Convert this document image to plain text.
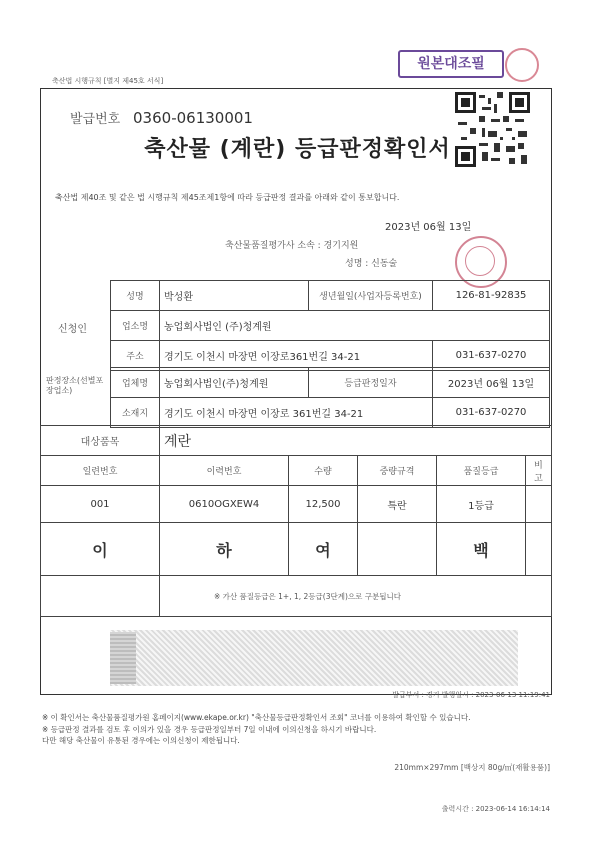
축산법 시행규칙 [별지 제45호 서식]
원본대조필
발급번호 0360-06130001
축산물 (계란) 등급판정확인서
축산법 제40조 및 같은 법 시행규칙 제45조제1항에 따라 등급판정 결과를 아래와 같이 통보합니다.
2023년 06월 13일
축산물품질평가사 소속 : 경기지원
성명 : 신동술
신청인
성명	박성환	생년월일(사업자등록번호)	126-81-92835
업소명	농업회사법인 (주)청계원		
주소	경기도 이천시 마장면 이장로361번길 34-21		031-637-0270
판정장소(선별포장업소)
업체명	농업회사법인(주)청계원	등급판정일자	2023년 06월 13일
소재지	경기도 이천시 마장면 이장로 361번길 34-21		031-637-0270
대상품목	계란				
일련번호	이력번호	수량	중량규격	품질등급	비고
001	0610OGXEW4	12,500	특란	1등급	
이	하	여		백	
	※ 가산 품질등급은 1+, 1, 2등급(3단계)으로 구분됩니다				
발급부서 : 경기 발행일시 : 2023-06-13 11:19:41
※ 이 확인서는 축산물품질평가원 홈페이지(www.ekape.or.kr) "축산물등급판정확인서 조회" 코너를 이용하여 확인할 수 있습니다.
※ 등급판정 결과를 검토 후 이의가 있을 경우 등급판정일부터 7일 이내에 이의신청을 하시기 바랍니다.
다만 해당 축산물이 유통된 경우에는 이의신청이 제한됩니다.
210mm×297mm [백상지 80g/㎡(재활용품)]
출력시간 : 2023-06-14 16:14:14
